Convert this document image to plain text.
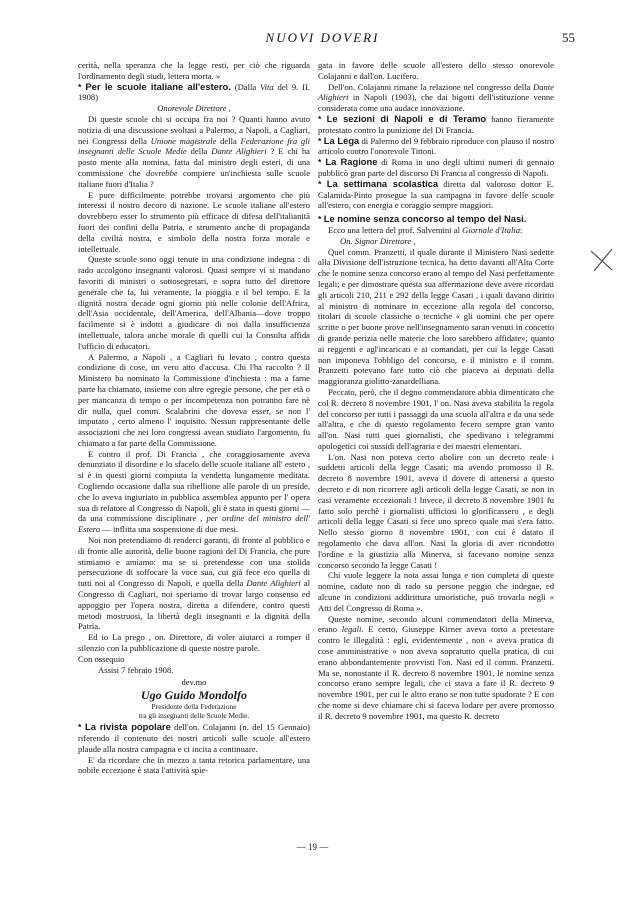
NUOVI DOVERI	55

cerità, nella speranza che la legge resti, per ciò che riguarda l'ordinamento degli studi, lettera morta. »

* Per le scuole italiane all'estero. (Dalla Vita del 9. II. 1908)

Onorevole Direttore ,

Di queste scuole chi si occupa fra noi ? Quanti hanno avuto notizia di una discussione svoltasi a Palermo, a Napoli, a Cagliari, nei Congressi della Unione magistrale della Federazione fra gli insegnanti delle Scuole Medie della Dante Alighieri ? E chi ha posto mente alla nomina, fatta dal ministro degli esteri, di una commissione che dovrebbe compiere un'inchiesta sulle scuole italiane fuori d'Italia ?

E pure difficilmente potrebbe trovarsi argomento che più interessi il nostro decoro di nazione. Le scuole italiane all'estero dovrebbero esser lo strumento più efficace di difesa dell'italianità fuori dei confini della Patria, e strumento anche di propaganda della civiltà nostra, e simbolo della nostra forza morale e intellettuale.

Queste scuole sono oggi tenute in una condizione indegna : di rado accolgono insegnanti valorosi. Quasi sempre vi si mandano favoriti di ministri o sottosegretari, e sopra tutto del direttore generale che fa, lui veramente, la pioggia e il bel tempo. E la dignità nostra decade ogni giorno più nelle colonie dell'Africa, dell'Asia occidentale, dell'America, dell'Albania—dove troppo facilmente si è indotti a giudicare di noi dalla insufficienza intellettuale, talora anche morale di quelli cui la Consulta affida l'ufficio di educatori.

A Palermo, a Napoli , a Cagliari fu levato , contro questa condizione di cose, un vero atto d'accusa. Chi l'ha raccolto ? Il Ministero ha nominato la Commissione d'inchiesta : ma a farne parte ha chiamato, insieme con altre egregie persone, che per età o per mancanza di tempo o per incompetenza non potranno fare nè dir nulla, quel comm. Scalabrini che doveva esser, se non l' imputato , certo almeno l' inquisito. Nessun rappresentante delle associazioni che nei loro congressi avean studiato l'argomento, fu chiamato a far parte della Commissione.

E contro il prof. Di Francia , che coraggiosamente aveva denunziato il disordine e lo sfacelo delle scuole italiane all' estero , si è in questi giorni compiuta la vendetta lungamente meditata. Cogliendo occasione dalla sua ribellione alle parole di un preside, che lo aveva ingiuriato in pubblica assemblea appunto per l' opera sua di relatore al Congresso di Napoli, gli è stata in questi giorni — da una commissione disciplinare , per ordine del ministro dell' Estero — inflitta una sospensione di due mesi.

Noi non pretendiamo di renderci garanti, di fronte al pubblico e di fronte alle autorità, delle buone ragioni del Di Francia, che pure stimiamo e amiamo: ma se si pretendesse con una stolida persecuzione di soffocare la voce sua, cui già fece eco quella di tutti noi al Congresso di Napoli, e quella della Dante Alighieri al Congresso di Cagliari, noi speriamo di trovar largo consenso ed appoggio per l'opera nostra, diretta a difendere, contro questi metodi mostruosi, la libertà degli insegnanti e la dignità della Patria.

Ed io La prego , on. Direttore, di voler aiutarci a romper il silenzio con la pubblicazione di queste nostre parole.

Con ossequio

Assisi 7 febraio 1908.

dev.mo
Ugo Guido Mondolfo
Presidente della Federazione
tra gli insegnanti delle Scuole Medie.

* La rivista popolare dell'on. Colajanni (n. del 15 Gennaio) riferendo il contenuto dei nostri articoli sulle scuole all'estero plaude alla nostra campagna e ci incita a continuare.

E' da ricordare che in mezzo a tanta retorica parlamentare, una nobile eccezione è stata l'attività spie-

gata in favore delle scuole all'estero dello stesso onorevole Colajanni e dall'on. Lucifero.

Dell'on. Colajanni rimane la relazione nel congresso della Dante Alighieri in Napoli (1903), che dai bigotti dell'istituzione venne considerata come una audace innovazione.

* Le sezioni di Napoli e di Teramo hanno fieramente protestato contro la punizione del Di Francia.

* La Lega di Palermo del 9 febbraio riproduce con plauso il nostro articolo contro l'onorevole Tittoni.

* La Ragione di Roma in uno degli ultimi numeri di gennaio pubblicò gran parte del discorso Di Francia al congresso di Napoli.

* La settimana scolastica diretta dal valoroso dottor E. Calamida-Pinto prosegue la sua campagna in favore delle scuole all'estero, con energia e coraggio sempre maggiori.

* Le nomine senza concorso al tempo del Nasi.

Ecco una lettera del prof. Salvemini al Giornale d'Italia:

On. Signor Direttore ,

Quel comm. Pranzetti, il quale durante il Ministero Nasi sedette alla Divisione dell'istruzione tecnica, ha detto davanti all'Alta Corte che le nomine senza concorso erano al tempo del Nasi perfettamente legali; e per dimostrare questa sua affermazione deve avere ricordati gli articoli 210, 211 e 292 della legge Casati , i quali davano diritto al ministro di nominare in eccezione alla regola del concorso, titolari di scuole classiche o tecniche « gli uomini che per opere scritte o per buone prove nell'insegnamento saran venuti in concetto di grande perizia nelle materie che loro sarebbero affidate»; quanto ai reggenti e agl'incaricati e ai comandati, per cui la legge Casati non imponeva l'obbligo del concorso, e il ministro e il comm. Pranzetti potevano fare tutto ciò che piaceva ai deputati della maggioranza giolitto-zanardelliana.

Peccato, però, che il degno commendatore abbia dimenticato che col R. decreto 8 novembre 1901, l' on. Nasi aveva stabilita la regola del concorso per tutti i passaggi da una scuola all'altra e da una sede all'altra, e che di questo regolamento fecero sempre gran vanto all'on. Nasi tutti quei giornalisti, che spedivano i telegrammi apologetici coi sussidi dell'agraria e dei maestri elementari.

L'on. Nasi non poteva certo abolire con un decreto reale i suddetti articoli della legge Casati; ma avendo promosso il R. decreto 8 novembre 1901, aveva il dovere di attenersi a questo decreto e di non ricorrere agli articoli della legge Casati, se non in casi veramente eccezionali ! Invece, il decreto 8 novembre 1901 fu fatto solo perchè i giornalisti ufficiosi lo glorificassero , e degli articoli della legge Casati si fece uno spreco quale mai s'era fatto. Nello stesso giorno 8 novembre 1901, con cui è datato il regolamento che dava all'on. Nasi la gloria di aver ricondotto l'ordine e la giustizia alla Minerva, si facevano nomine senza concorso secondo la legge Casati !

Chi vuole leggere la nota assai lunga e non completa di queste nomine, cadute non di rado su persone peggio che indegne, ed alcune in condizioni addirittura umoristiche, può trovarla negli « Atti del Congresso di Roma ».

Queste nomine, secondo alcuni commendatori della Minerva, erano legali. E certo, Giuseppe Kirner aveva torto a pretestare contro le illegalità : egli, evidentemente , non « aveva pratica di cose amministrative » non aveva sopratutto quella pratica, di cui erano abbondantemente provvisti l'on. Nasi ed il comm. Pranzetti. Ma se, nonostante il R. decreto 8 novembre 1901, le nomine senza concorso erano sempre legali, che ci stava a fare il R. decreto 9 novembre 1901, per cui le altro erano se non tutte spudorate ? E con che nome si deve chiamare chi si faceva lodare per avere promosso il R. decreto 9 novembre 1901, ma questo R. decreto

— 19 —
